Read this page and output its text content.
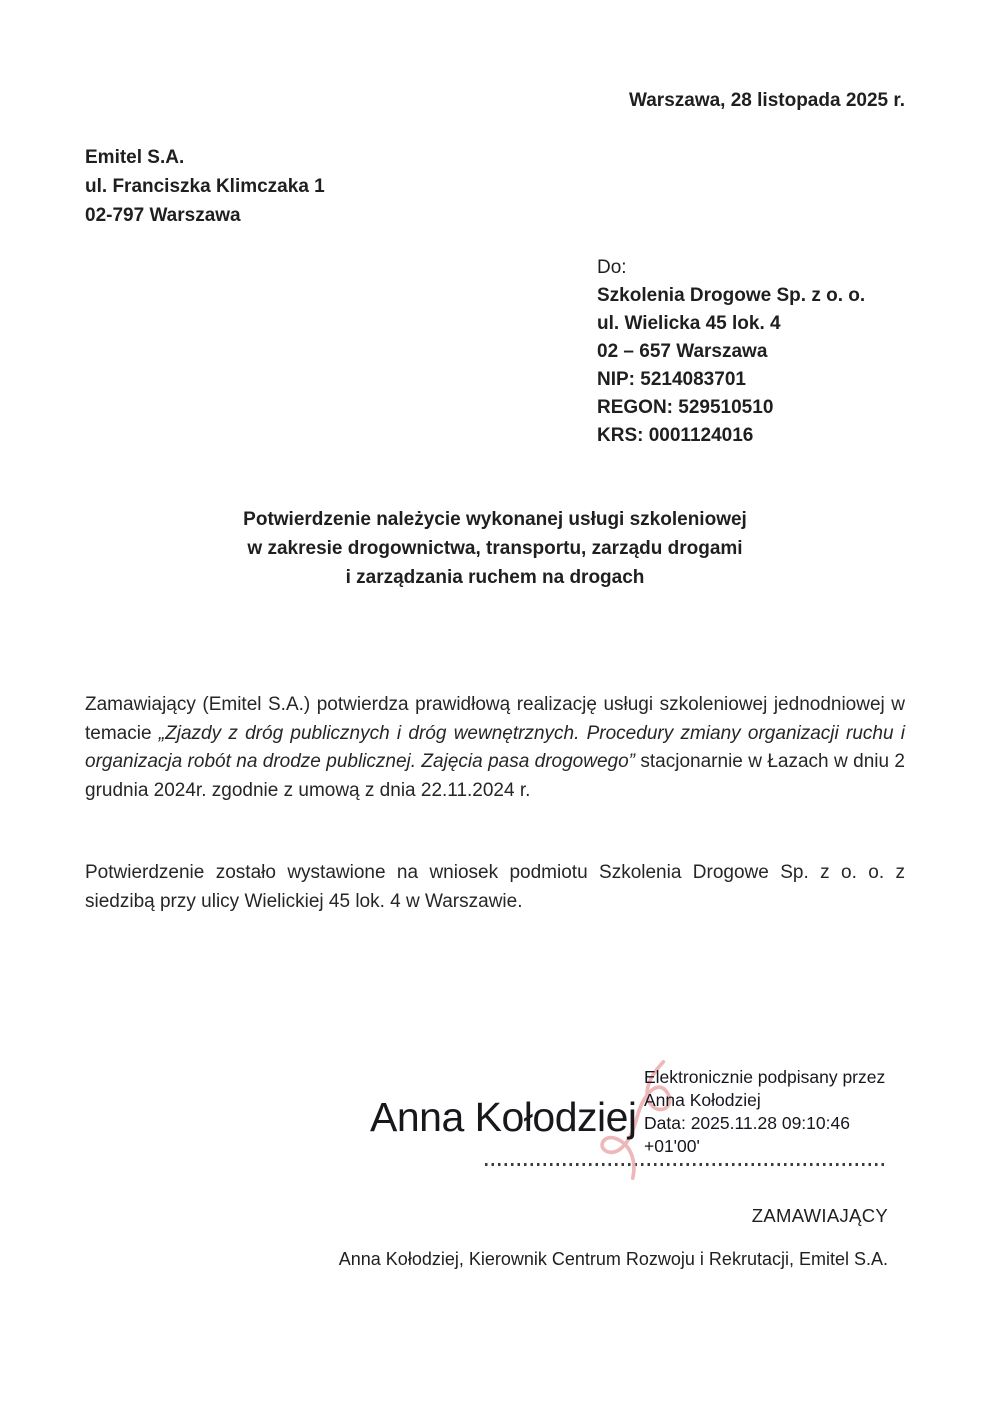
Warszawa, 28 listopada 2025 r.
Emitel S.A.
ul. Franciszka Klimczaka 1
02-797 Warszawa
Do:
Szkolenia Drogowe Sp. z o. o.
ul. Wielicka 45 lok. 4
02 – 657 Warszawa
NIP: 5214083701
REGON: 529510510
KRS: 0001124016
Potwierdzenie należycie wykonanej usługi szkoleniowej
w zakresie drogownictwa, transportu, zarządu drogami
i zarządzania ruchem na drogach

Zamawiający (Emitel S.A.) potwierdza prawidłową realizację usługi szkoleniowej jednodniowej w temacie „Zjazdy z dróg publicznych i dróg wewnętrznych. Procedury zmiany organizacji ruchu i organizacja robót na drodze publicznej. Zajęcia pasa drogowego” stacjonarnie w Łazach w dniu 2 grudnia 2024r. zgodnie z umową z dnia 22.11.2024 r.

Potwierdzenie zostało wystawione na wniosek podmiotu Szkolenia Drogowe Sp. z o. o. z siedzibą przy ulicy Wielickiej 45 lok. 4 w Warszawie.

Anna Kołodziej
Elektronicznie podpisany przez
Anna Kołodziej
Data: 2025.11.28 09:10:46
+01'00'
ZAMAWIAJĄCY
Anna Kołodziej, Kierownik Centrum Rozwoju i Rekrutacji, Emitel S.A.
